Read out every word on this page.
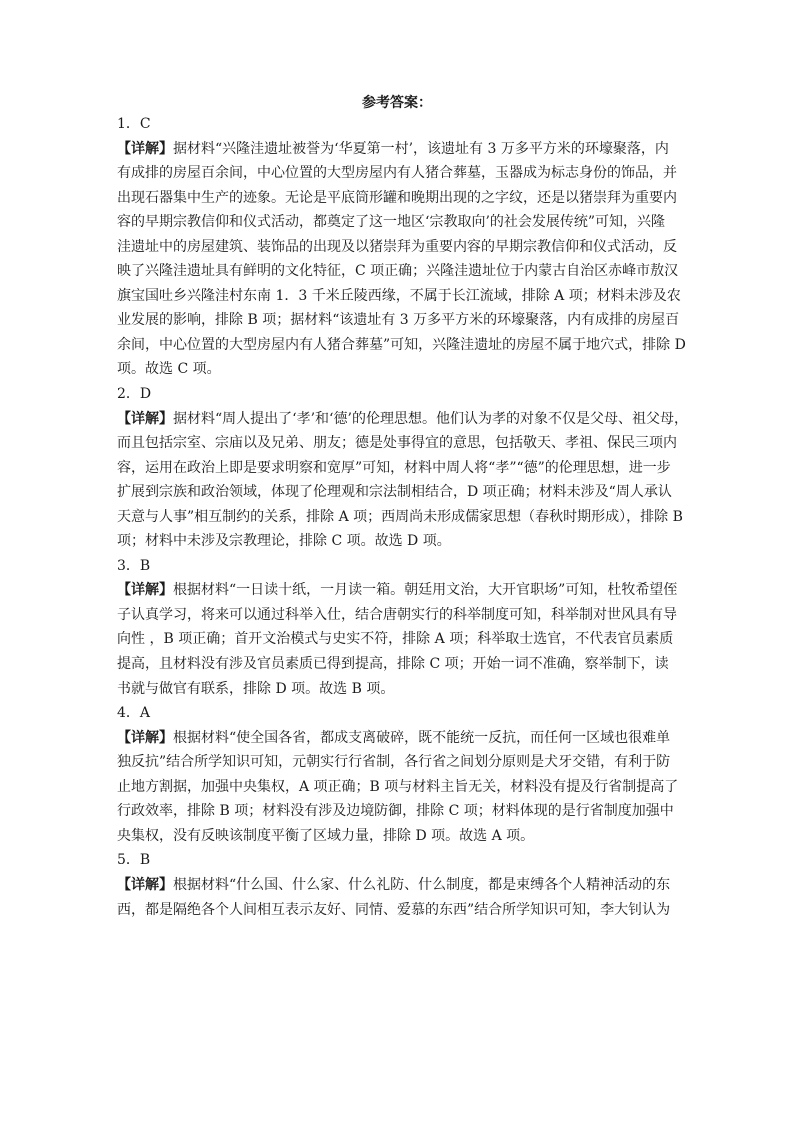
参考答案：
1．C
【详解】据材料“兴隆洼遗址被誉为‘华夏第一村’，该遗址有 3 万多平方米的环壕聚落，内
有成排的房屋百余间，中心位置的大型房屋内有人猪合葬墓，玉器成为标志身份的饰品，并
出现石器集中生产的迹象。无论是平底筒形罐和晚期出现的之字纹，还是以猪崇拜为重要内
容的早期宗教信仰和仪式活动，都奠定了这一地区‘宗教取向’的社会发展传统”可知，兴隆
洼遗址中的房屋建筑、装饰品的出现及以猪崇拜为重要内容的早期宗教信仰和仪式活动，反
映了兴隆洼遗址具有鲜明的文化特征，C 项正确；兴隆洼遗址位于内蒙古自治区赤峰市敖汉
旗宝国吐乡兴隆洼村东南 1．3 千米丘陵西缘，不属于长江流域，排除 A 项；材料未涉及农
业发展的影响，排除 B 项；据材料“该遗址有 3 万多平方米的环壕聚落，内有成排的房屋百
余间，中心位置的大型房屋内有人猪合葬墓”可知，兴隆洼遗址的房屋不属于地穴式，排除 D
项。故选 C 项。
2．D
【详解】据材料“周人提出了‘孝’和‘德’的伦理思想。他们认为孝的对象不仅是父母、祖父母，
而且包括宗室、宗庙以及兄弟、朋友；德是处事得宜的意思，包括敬天、孝祖、保民三项内
容，运用在政治上即是要求明察和宽厚”可知，材料中周人将“孝”“德”的伦理思想，进一步
扩展到宗族和政治领域，体现了伦理观和宗法制相结合，D 项正确；材料未涉及“周人承认
天意与人事”相互制约的关系，排除 A 项；西周尚未形成儒家思想（春秋时期形成），排除 B
项；材料中未涉及宗教理论，排除 C 项。故选 D 项。
3．B
【详解】根据材料“一日读十纸，一月读一箱。朝廷用文治，大开官职场”可知，杜牧希望侄
子认真学习，将来可以通过科举入仕，结合唐朝实行的科举制度可知，科举制对世风具有导
向性 ，B 项正确；首开文治模式与史实不符，排除 A 项；科举取士选官，不代表官员素质
提高，且材料没有涉及官员素质已得到提高，排除 C 项；开始一词不准确，察举制下，读
书就与做官有联系，排除 D 项。故选 B 项。
4．A
【详解】根据材料“使全国各省，都成支离破碎，既不能统一反抗，而任何一区域也很难单
独反抗”结合所学知识可知，元朝实行行省制，各行省之间划分原则是犬牙交错，有利于防
止地方割据，加强中央集权，A 项正确；B 项与材料主旨无关，材料没有提及行省制提高了
行政效率，排除 B 项；材料没有涉及边境防御，排除 C 项；材料体现的是行省制度加强中
央集权，没有反映该制度平衡了区域力量，排除 D 项。故选 A 项。
5．B
【详解】根据材料“什么国、什么家、什么礼防、什么制度，都是束缚各个人精神活动的东
西，都是隔绝各个人间相互表示友好、同情、爱慕的东西”结合所学知识可知，李大钊认为
